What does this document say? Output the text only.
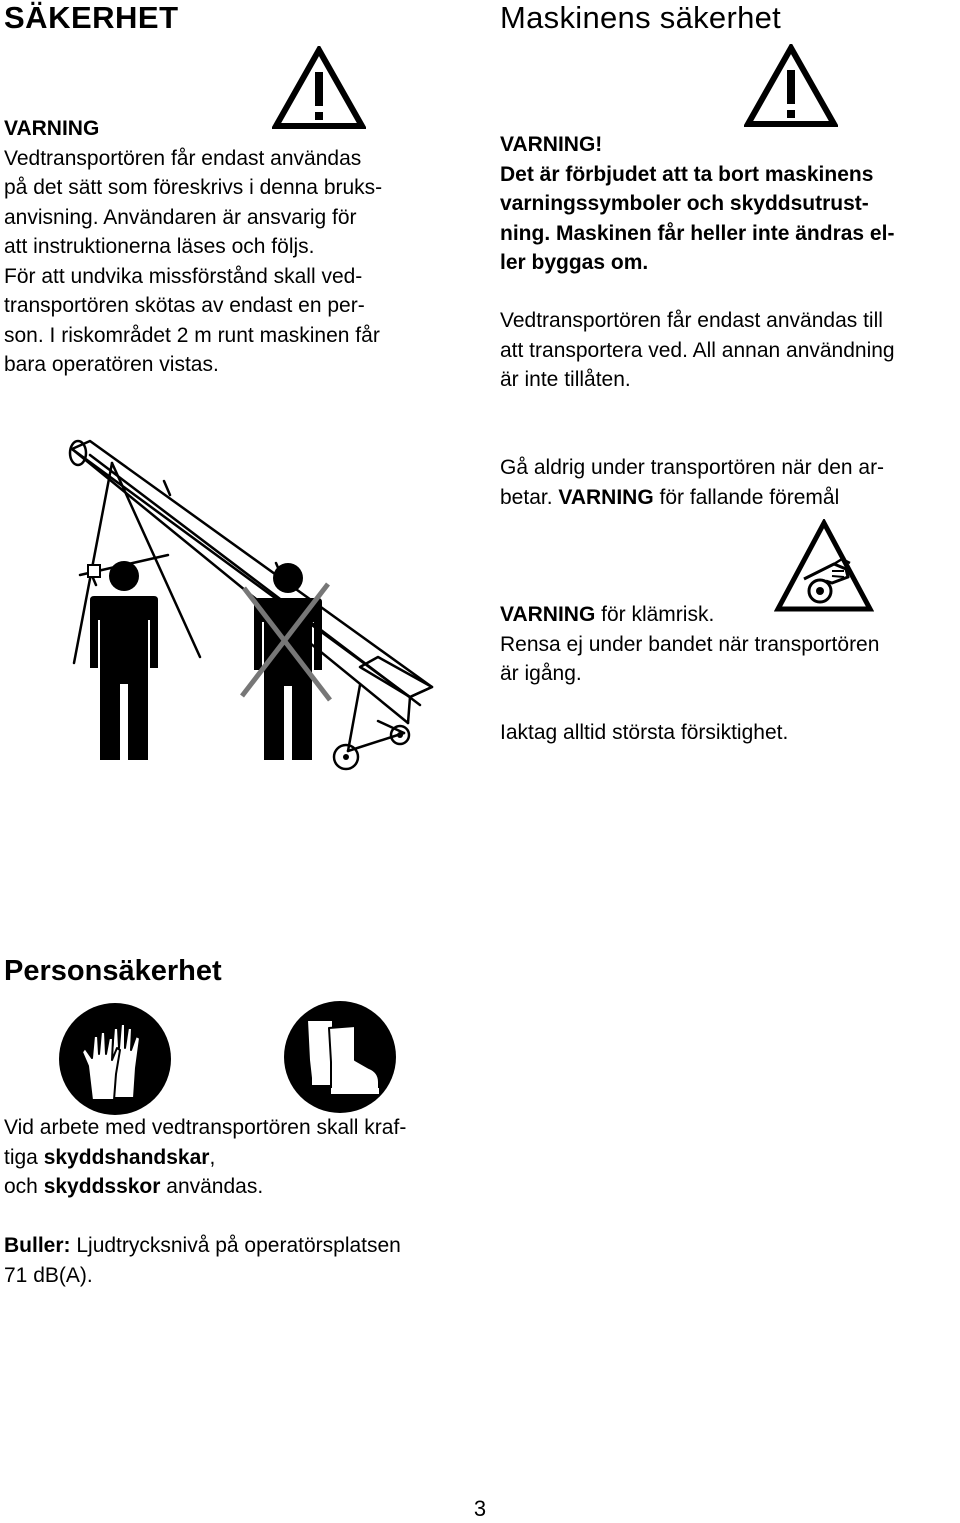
SÄKERHET	Maskinens säkerhet

VARNING

Vedtransportören får endast användas

på det sätt som föreskrivs i denna bruks-

anvisning. Användaren är ansvarig för

att instruktionerna läses och följs.

För att undvika missförstånd skall ved-

transportören skötas av endast en per-

son. I riskområdet 2 m runt maskinen får

bara operatören vistas.

VARNING!

Det är förbjudet att ta bort maskinens

varningssymboler och skyddsutrust-

ning. Maskinen får heller inte ändras el-

ler byggas om.

Vedtransportören får endast användas till

att transportera ved. All annan användning

är inte tillåten.

Gå aldrig under transportören när den ar-

betar. VARNING för fallande föremål

VARNING för klämrisk.

Rensa ej under bandet när transportören

är igång.

Iaktag alltid största försiktighet.

Personsäkerhet

Vid arbete med vedtransportören skall kraf-

tiga skyddshandskar,

och skyddsskor användas.

Buller: Ljudtrycksnivå på operatörsplatsen

71 dB(A).

3
